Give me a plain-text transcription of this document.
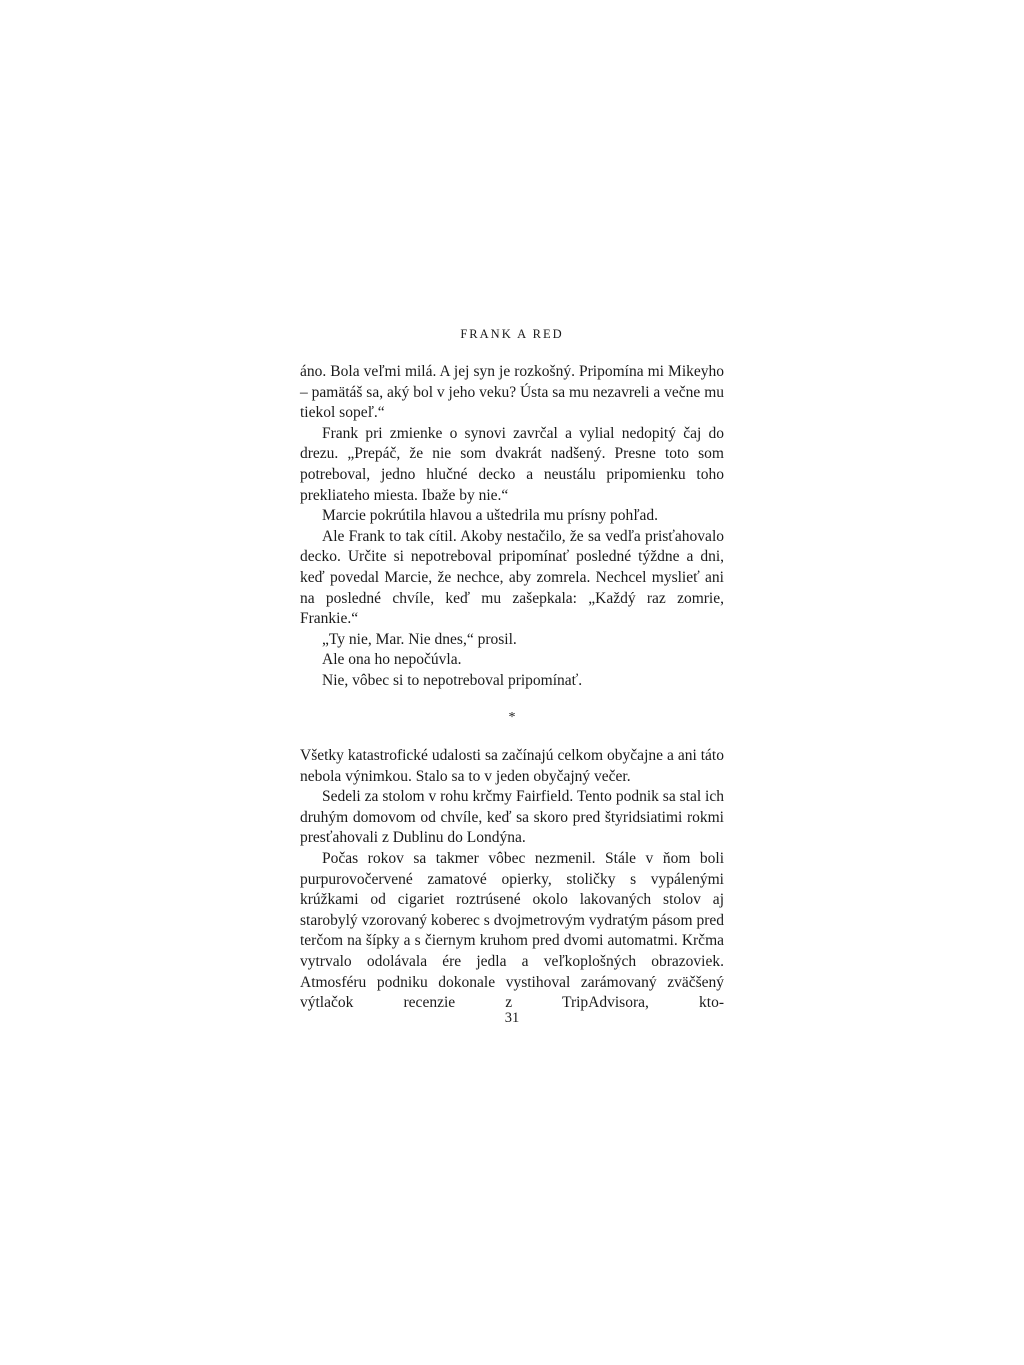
FRANK A RED

áno. Bola veľmi milá. A jej syn je rozkošný. Pripomína mi Mikeyho – pamätáš sa, aký bol v jeho veku? Ústa sa mu nezavreli a večne mu tiekol sopeľ.“

Frank pri zmienke o synovi zavrčal a vylial nedopitý čaj do drezu. „Prepáč, že nie som dvakrát nadšený. Presne toto som potreboval, jedno hlučné decko a neustálu pripomienku toho prekliateho miesta. Ibaže by nie.“

Marcie pokrútila hlavou a uštedrila mu prísny pohľad.

Ale Frank to tak cítil. Akoby nestačilo, že sa vedľa prisťahovalo decko. Určite si nepotreboval pripomínať posledné týždne a dni, keď povedal Marcie, že nechce, aby zomrela. Nechcel myslieť ani na posledné chvíle, keď mu zašepkala: „Každý raz zomrie, Frankie.“

„Ty nie, Mar. Nie dnes,“ prosil.

Ale ona ho nepočúvla.

Nie, vôbec si to nepotreboval pripomínať.

*

Všetky katastrofické udalosti sa začínajú celkom obyčajne a ani táto nebola výnimkou. Stalo sa to v jeden obyčajný večer.

Sedeli za stolom v rohu krčmy Fairfield. Tento podnik sa stal ich druhým domovom od chvíle, keď sa skoro pred štyridsiatimi rokmi presťahovali z Dublinu do Londýna.

Počas rokov sa takmer vôbec nezmenil. Stále v ňom boli purpurovočervené zamatové opierky, stoličky s vypálenými krúžkami od cigariet roztrúsené okolo lakovaných stolov aj starobylý vzorovaný koberec s dvojmetrovým vydratým pásom pred terčom na šípky a s čiernym kruhom pred dvomi automatmi. Krčma vytrvalo odolávala ére jedla a veľkoplošných obrazoviek. Atmosféru podniku dokonale vystihoval zarámovaný zväčšený výtlačok recenzie z TripAdvisora, kto-

31
